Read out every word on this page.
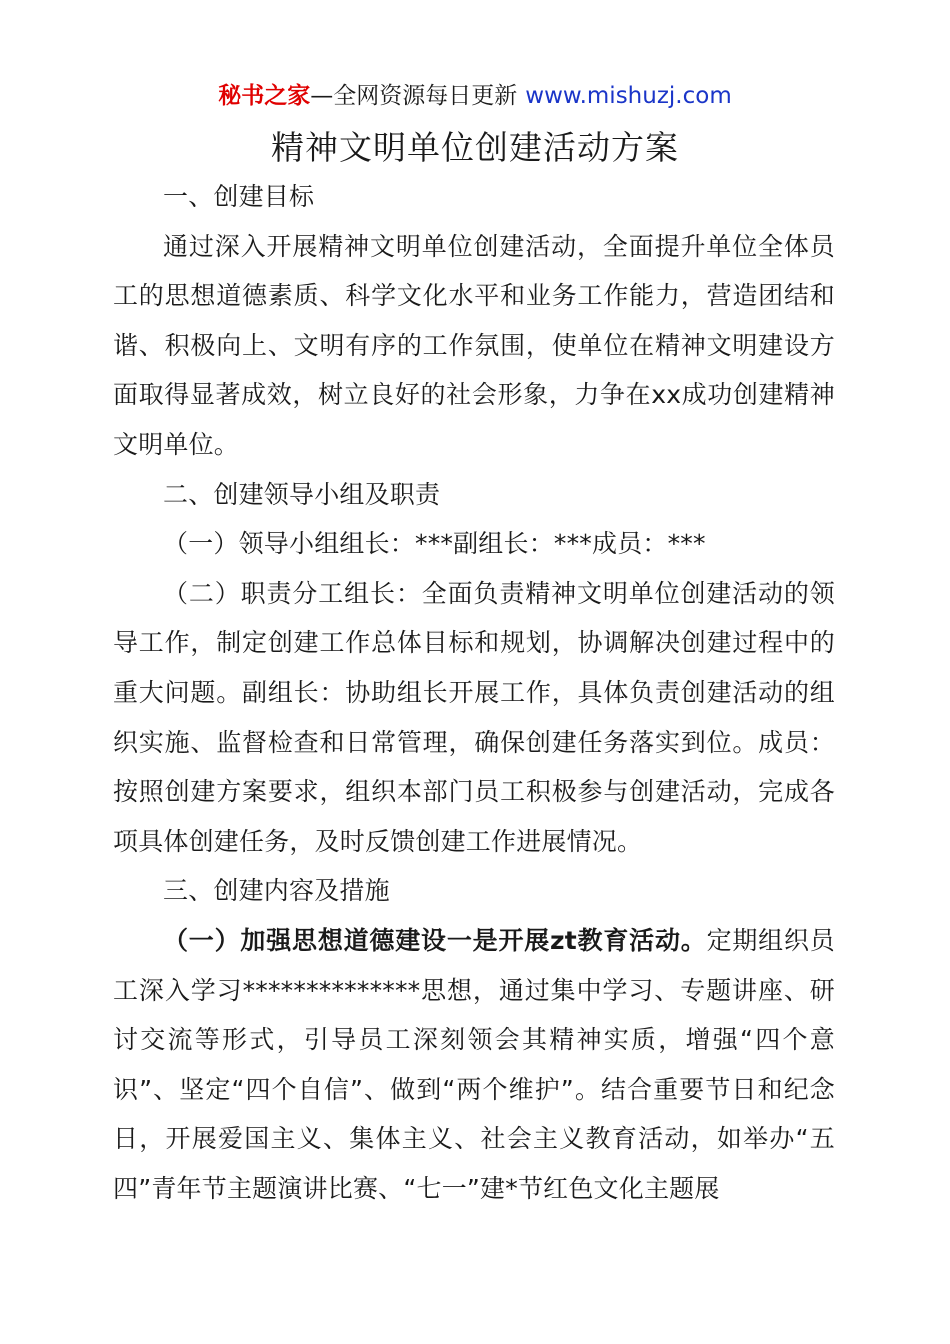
秘书之家—全网资源每日更新 www.mishuzj.com
精神文明单位创建活动方案

一、创建目标

通过深入开展精神文明单位创建活动，全面提升单位全体员工的思想道德素质、科学文化水平和业务工作能力，营造团结和谐、积极向上、文明有序的工作氛围，使单位在精神文明建设方面取得显著成效，树立良好的社会形象，力争在xx成功创建精神文明单位。

二、创建领导小组及职责

（一）领导小组组长：***副组长：***成员：***

（二）职责分工组长：全面负责精神文明单位创建活动的领导工作，制定创建工作总体目标和规划，协调解决创建过程中的重大问题。副组长：协助组长开展工作，具体负责创建活动的组织实施、监督检查和日常管理，确保创建任务落实到位。成员：按照创建方案要求，组织本部门员工积极参与创建活动，完成各项具体创建任务，及时反馈创建工作进展情况。

三、创建内容及措施

（一）加强思想道德建设一是开展zt教育活动。定期组织员工深入学习**************思想，通过集中学习、专题讲座、研讨交流等形式，引导员工深刻领会其精神实质，增强“四个意识”、坚定“四个自信”、做到“两个维护”。结合重要节日和纪念日，开展爱国主义、集体主义、社会主义教育活动，如举办“五四”青年节主题演讲比赛、“七一”建*节红色文化主题展
